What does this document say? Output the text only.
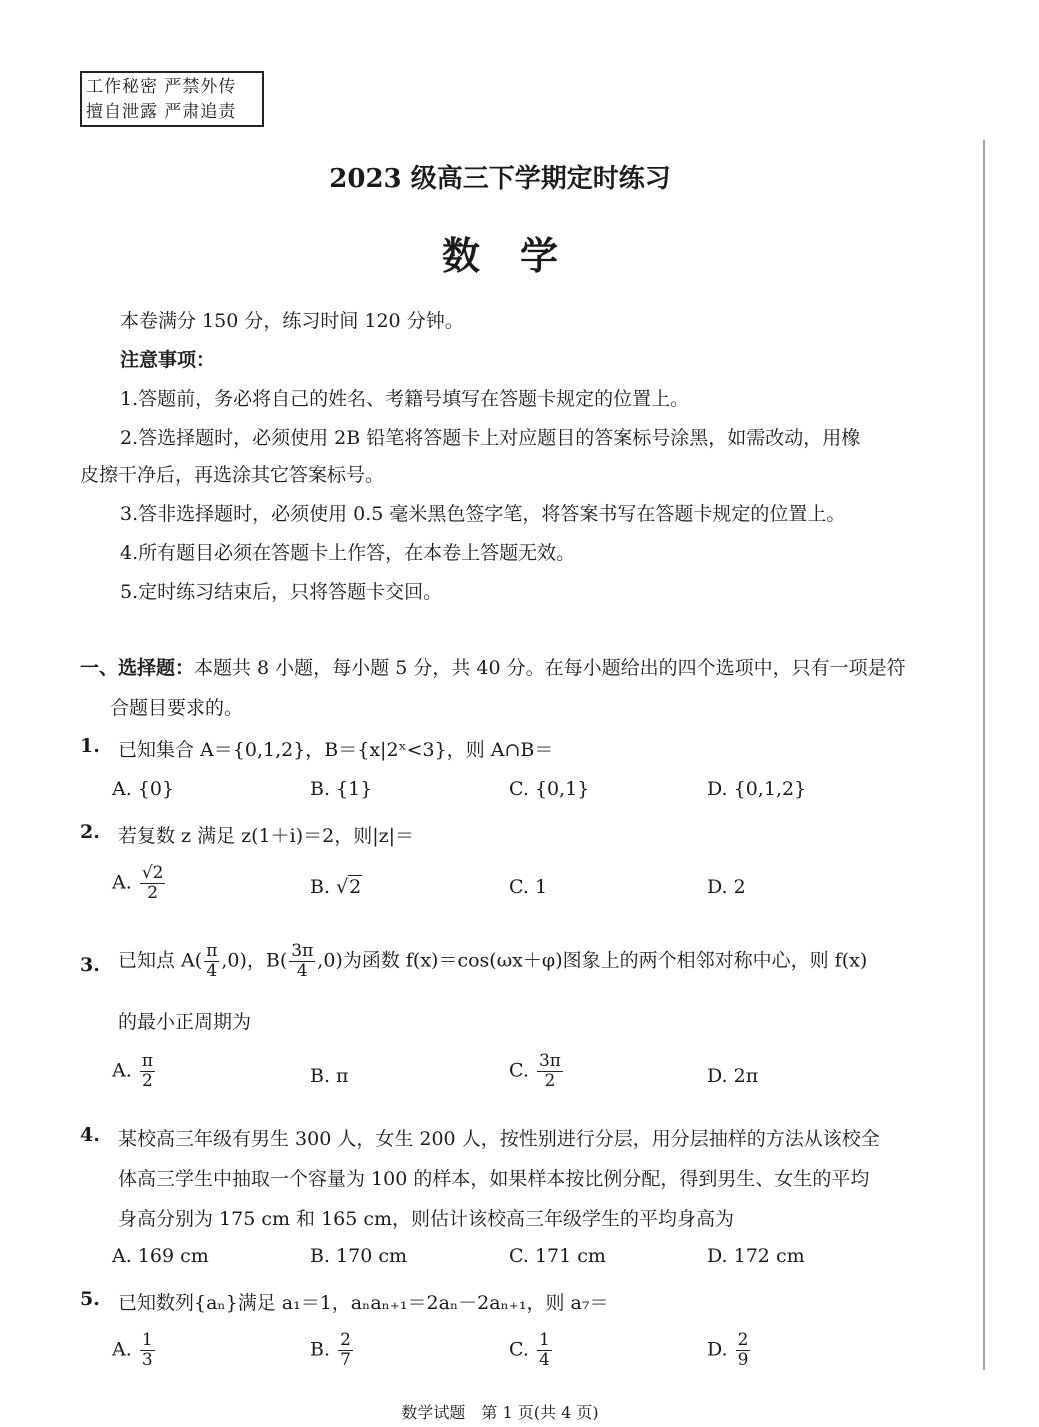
工作秘密 严禁外传
擅自泄露 严肃追责
2023 级高三下学期定时练习
数学
本卷满分 150 分，练习时间 120 分钟。
注意事项：
1.答题前，务必将自己的姓名、考籍号填写在答题卡规定的位置上。
2.答选择题时，必须使用 2B 铅笔将答题卡上对应题目的答案标号涂黑，如需改动，用橡
皮擦干净后，再选涂其它答案标号。
3.答非选择题时，必须使用 0.5 毫米黑色签字笔，将答案书写在答题卡规定的位置上。
4.所有题目必须在答题卡上作答，在本卷上答题无效。
5.定时练习结束后，只将答题卡交回。
一、选择题：本题共 8 小题，每小题 5 分，共 40 分。在每小题给出的四个选项中，只有一项是符
合题目要求的。
1. 已知集合 A＝{0,1,2}，B＝{x|2ˣ<3}，则 A∩B＝
A. {0}	B. {1}	C. {0,1}	D. {0,1,2}
2. 若复数 z 满足 z(1＋i)＝2，则|z|＝
A. $\frac{√2}{2}$	B. √2	C. 1	D. 2
3. 已知点 $A( \frac{\pi}{4} ,0)$，$B( \frac{3\pi}{4} ,0)$为函数 f(x)＝cos(ωx＋φ)图象上的两个相邻对称中心，则 f(x)
的最小正周期为
A. $\frac{\pi}{2}$	B. π	C. $\frac{3\pi}{2}$	D. 2π
4. 某校高三年级有男生 300 人，女生 200 人，按性别进行分层，用分层抽样的方法从该校全
体高三学生中抽取一个容量为 100 的样本，如果样本按比例分配，得到男生、女生的平均
身高分别为 175 cm 和 165 cm，则估计该校高三年级学生的平均身高为
A. 169 cm	B. 170 cm	C. 171 cm	D. 172 cm
5. 已知数列{aₙ}满足 a₁＝1，aₙaₙ₊₁＝2aₙ－2aₙ₊₁，则 a₇＝
A. $\frac{1}{3}$	B. $\frac{2}{7}$	C. $\frac{1}{4}$	D. $\frac{2}{9}$
数学试题　第 1 页(共 4 页)
